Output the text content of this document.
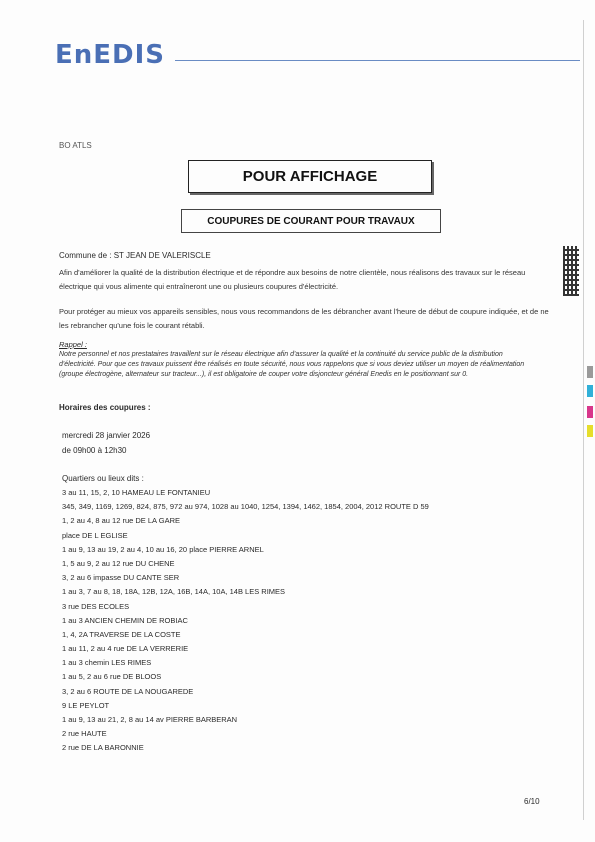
EnEDIS
BO ATLS
POUR AFFICHAGE
COUPURES DE COURANT POUR TRAVAUX
Commune de : ST JEAN DE VALERISCLE
Afin d'améliorer la qualité de la distribution électrique et de répondre aux besoins de notre clientèle, nous réalisons des travaux sur le réseau électrique qui vous alimente qui entraîneront une ou plusieurs coupures d'électricité.
Pour protéger au mieux vos appareils sensibles, nous vous recommandons de les débrancher avant l'heure de début de coupure indiquée, et de ne les rebrancher qu'une fois le courant rétabli.
Rappel :
Notre personnel et nos prestataires travaillent sur le réseau électrique afin d'assurer la qualité et la continuité du service public de la distribution d'électricité. Pour que ces travaux puissent être réalisés en toute sécurité, nous vous rappelons que si vous deviez utiliser un moyen de réalimentation (groupe électrogène, alternateur sur tracteur...), il est obligatoire de couper votre disjoncteur général Enedis en le positionnant sur 0.
Horaires des coupures :
mercredi 28 janvier 2026
de 09h00 à 12h30
Quartiers ou lieux dits :
3 au 11, 15, 2, 10 HAMEAU LE FONTANIEU
345, 349, 1169, 1269, 824, 875, 972 au 974, 1028 au 1040, 1254, 1394, 1462, 1854, 2004, 2012 ROUTE D 59
1, 2 au 4, 8 au 12 rue DE LA GARE
place DE L EGLISE
1 au 9, 13 au 19, 2 au 4, 10 au 16, 20 place PIERRE ARNEL
1, 5 au 9, 2 au 12 rue DU CHENE
3, 2 au 6 impasse DU CANTE SER
1 au 3, 7 au 8, 18, 18A, 12B, 12A, 16B, 14A, 10A, 14B LES RIMES
3 rue DES ECOLES
1 au 3 ANCIEN CHEMIN DE ROBIAC
1, 4, 2A TRAVERSE DE LA COSTE
1 au 11, 2 au 4 rue DE LA VERRERIE
1 au 3 chemin LES RIMES
1 au 5, 2 au 6 rue DE BLOOS
3, 2 au 6 ROUTE DE LA NOUGAREDE
9 LE PEYLOT
1 au 9, 13 au 21, 2, 8 au 14 av PIERRE BARBERAN
2 rue HAUTE
2 rue DE LA BARONNIE
6/10
